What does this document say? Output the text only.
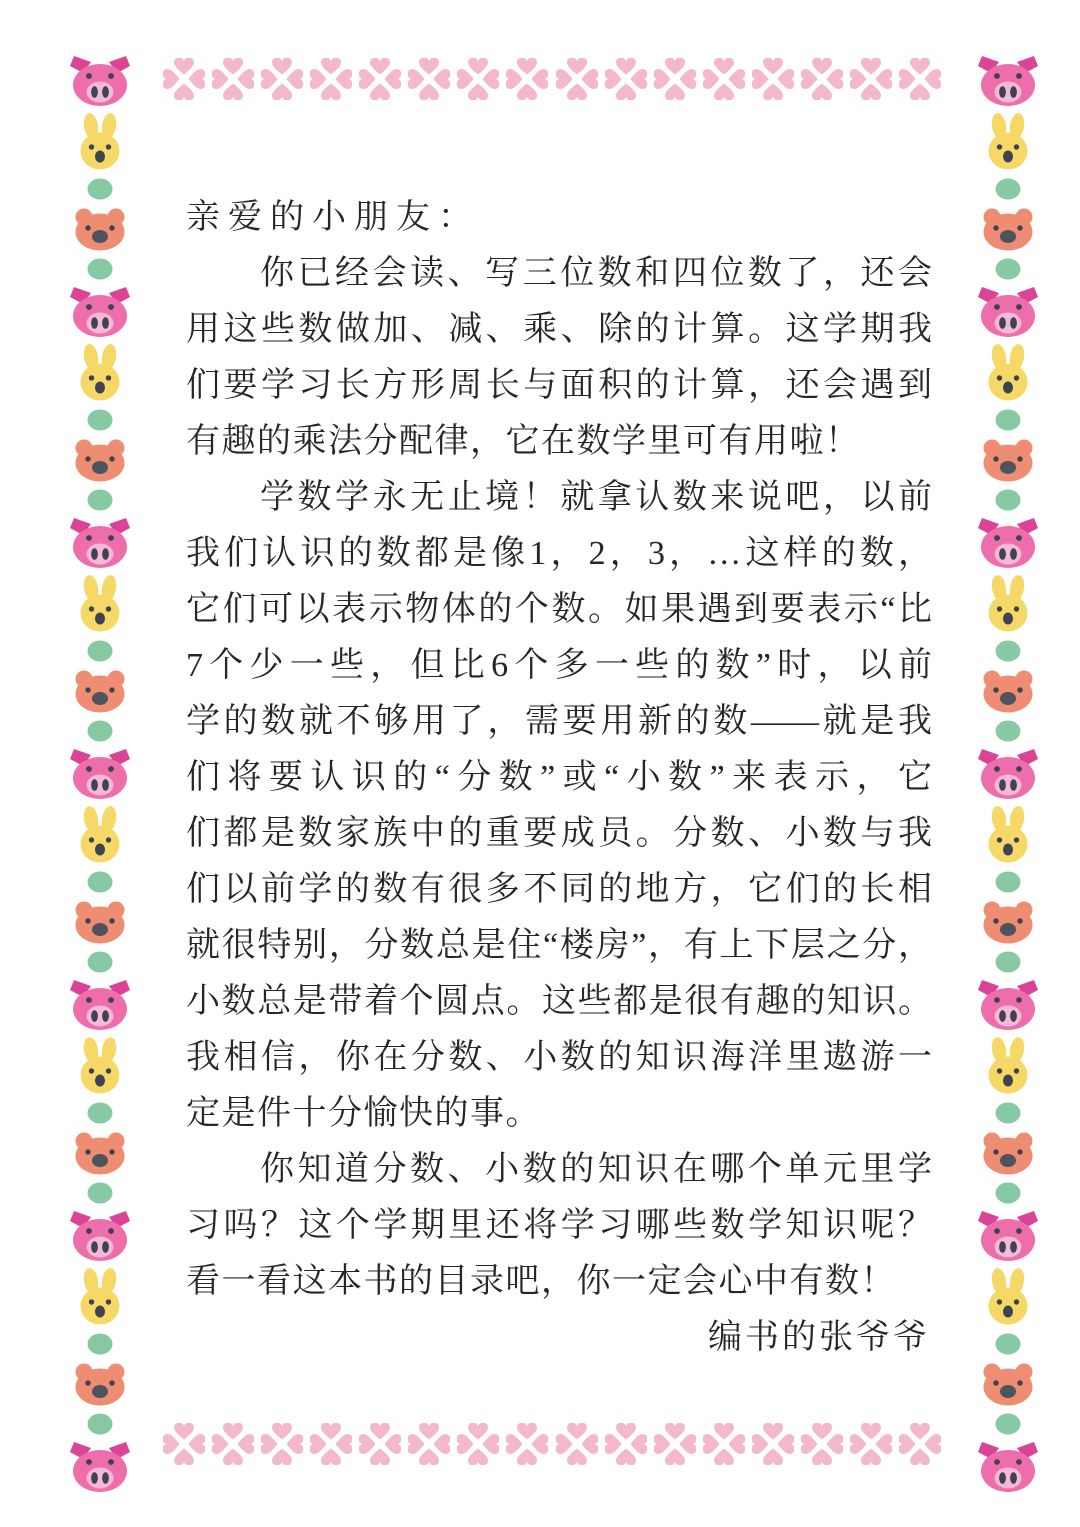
亲爱的小朋友：
你已经会读、写三位数和四位数了，还会
用这些数做加、减、乘、除的计算。这学期我
们要学习长方形周长与面积的计算，还会遇到
有趣的乘法分配律，它在数学里可有用啦！
学数学永无止境！就拿认数来说吧，以前
我们认识的数都是像1，2，3，…这样的数，
它们可以表示物体的个数。如果遇到要表示“比
7个少一些，但比6个多一些的数”时，以前
学的数就不够用了，需要用新的数——就是我
们将要认识的“分数”或“小数”来表示，它
们都是数家族中的重要成员。分数、小数与我
们以前学的数有很多不同的地方，它们的长相
就很特别，分数总是住“楼房”，有上下层之分，
小数总是带着个圆点。这些都是很有趣的知识。
我相信，你在分数、小数的知识海洋里遨游一
定是件十分愉快的事。
你知道分数、小数的知识在哪个单元里学
习吗？这个学期里还将学习哪些数学知识呢？
看一看这本书的目录吧，你一定会心中有数！
编书的张爷爷
